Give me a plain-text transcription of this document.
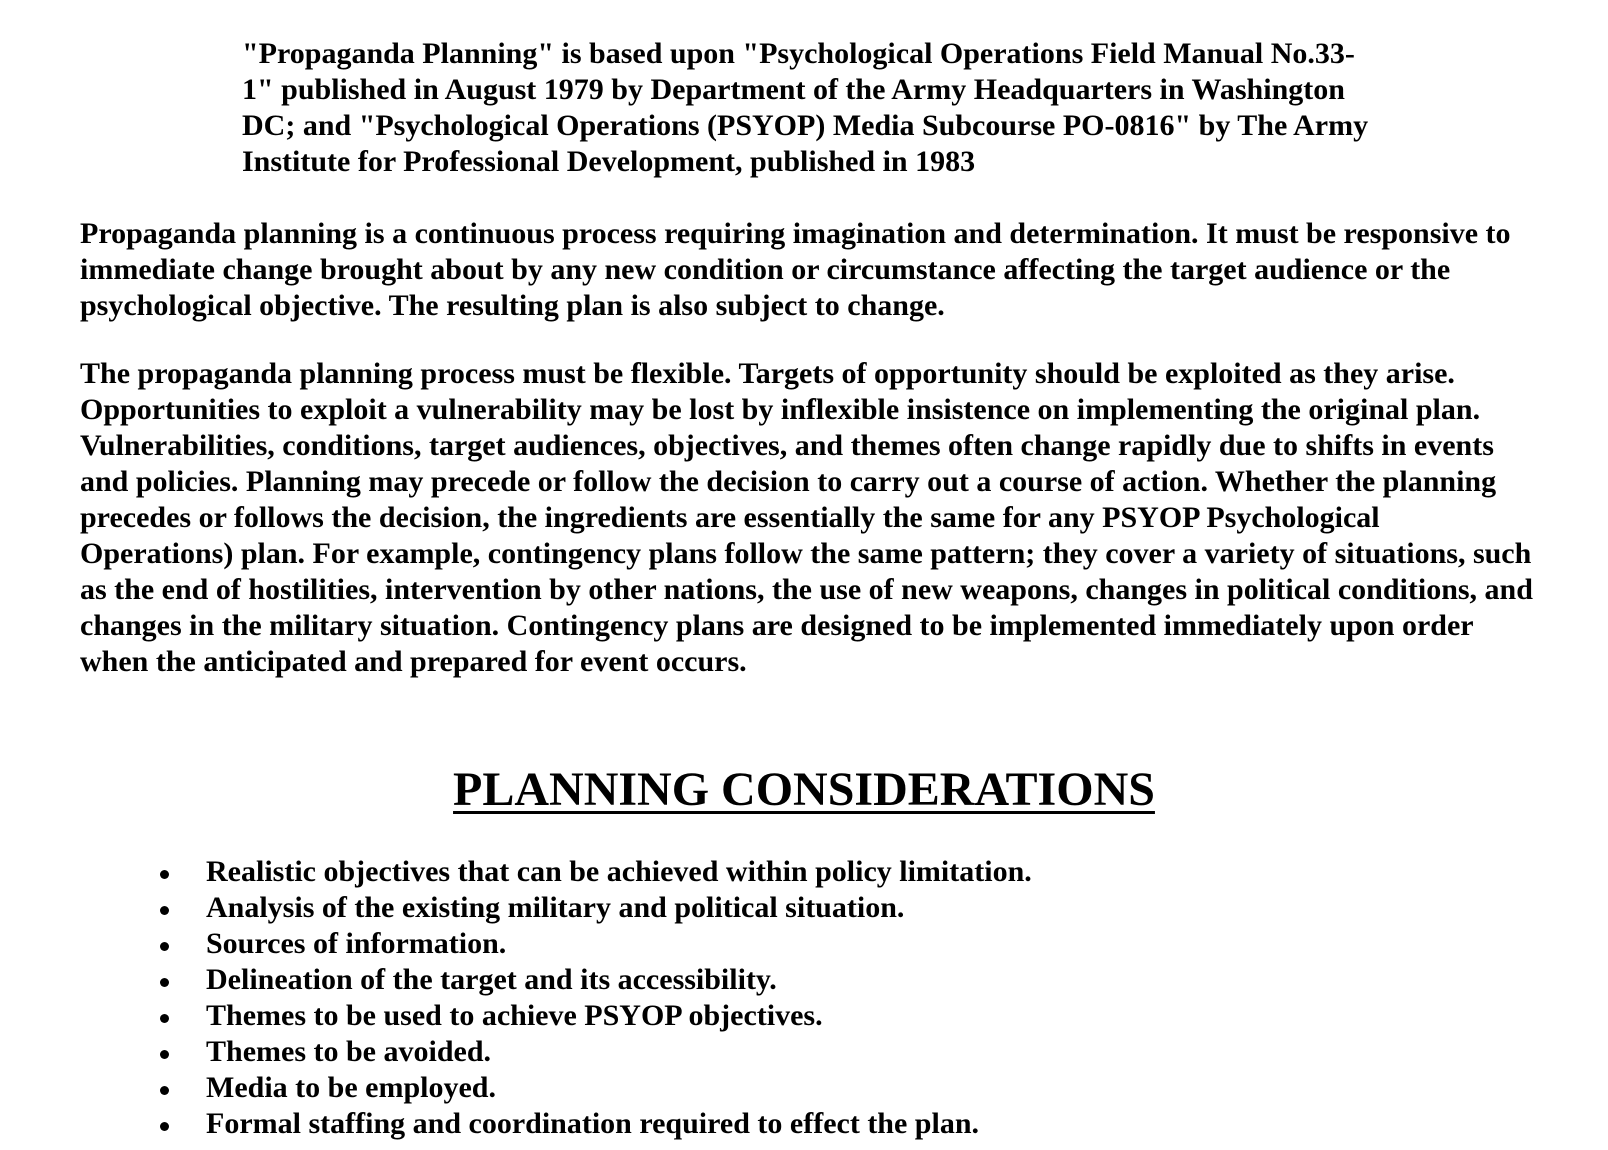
"Propaganda Planning" is based upon "Psychological Operations Field Manual No.33-1" published in August 1979 by Department of the Army Headquarters in Washington DC; and "Psychological Operations (PSYOP) Media Subcourse PO-0816" by The Army Institute for Professional Development, published in 1983

Propaganda planning is a continuous process requiring imagination and determination. It must be responsive to immediate change brought about by any new condition or circumstance affecting the target audience or the psychological objective. The resulting plan is also subject to change.

The propaganda planning process must be flexible. Targets of opportunity should be exploited as they arise. Opportunities to exploit a vulnerability may be lost by inflexible insistence on implementing the original plan. Vulnerabilities, conditions, target audiences, objectives, and themes often change rapidly due to shifts in events and policies. Planning may precede or follow the decision to carry out a course of action. Whether the planning precedes or follows the decision, the ingredients are essentially the same for any PSYOP Psychological Operations) plan. For example, contingency plans follow the same pattern; they cover a variety of situations, such as the end of hostilities, intervention by other nations, the use of new weapons, changes in political conditions, and changes in the military situation. Contingency plans are designed to be implemented immediately upon order when the anticipated and prepared for event occurs.

PLANNING CONSIDERATIONS
Realistic objectives that can be achieved within policy limitation.
Analysis of the existing military and political situation.
Sources of information.
Delineation of the target and its accessibility.
Themes to be used to achieve PSYOP objectives.
Themes to be avoided.
Media to be employed.
Formal staffing and coordination required to effect the plan.
